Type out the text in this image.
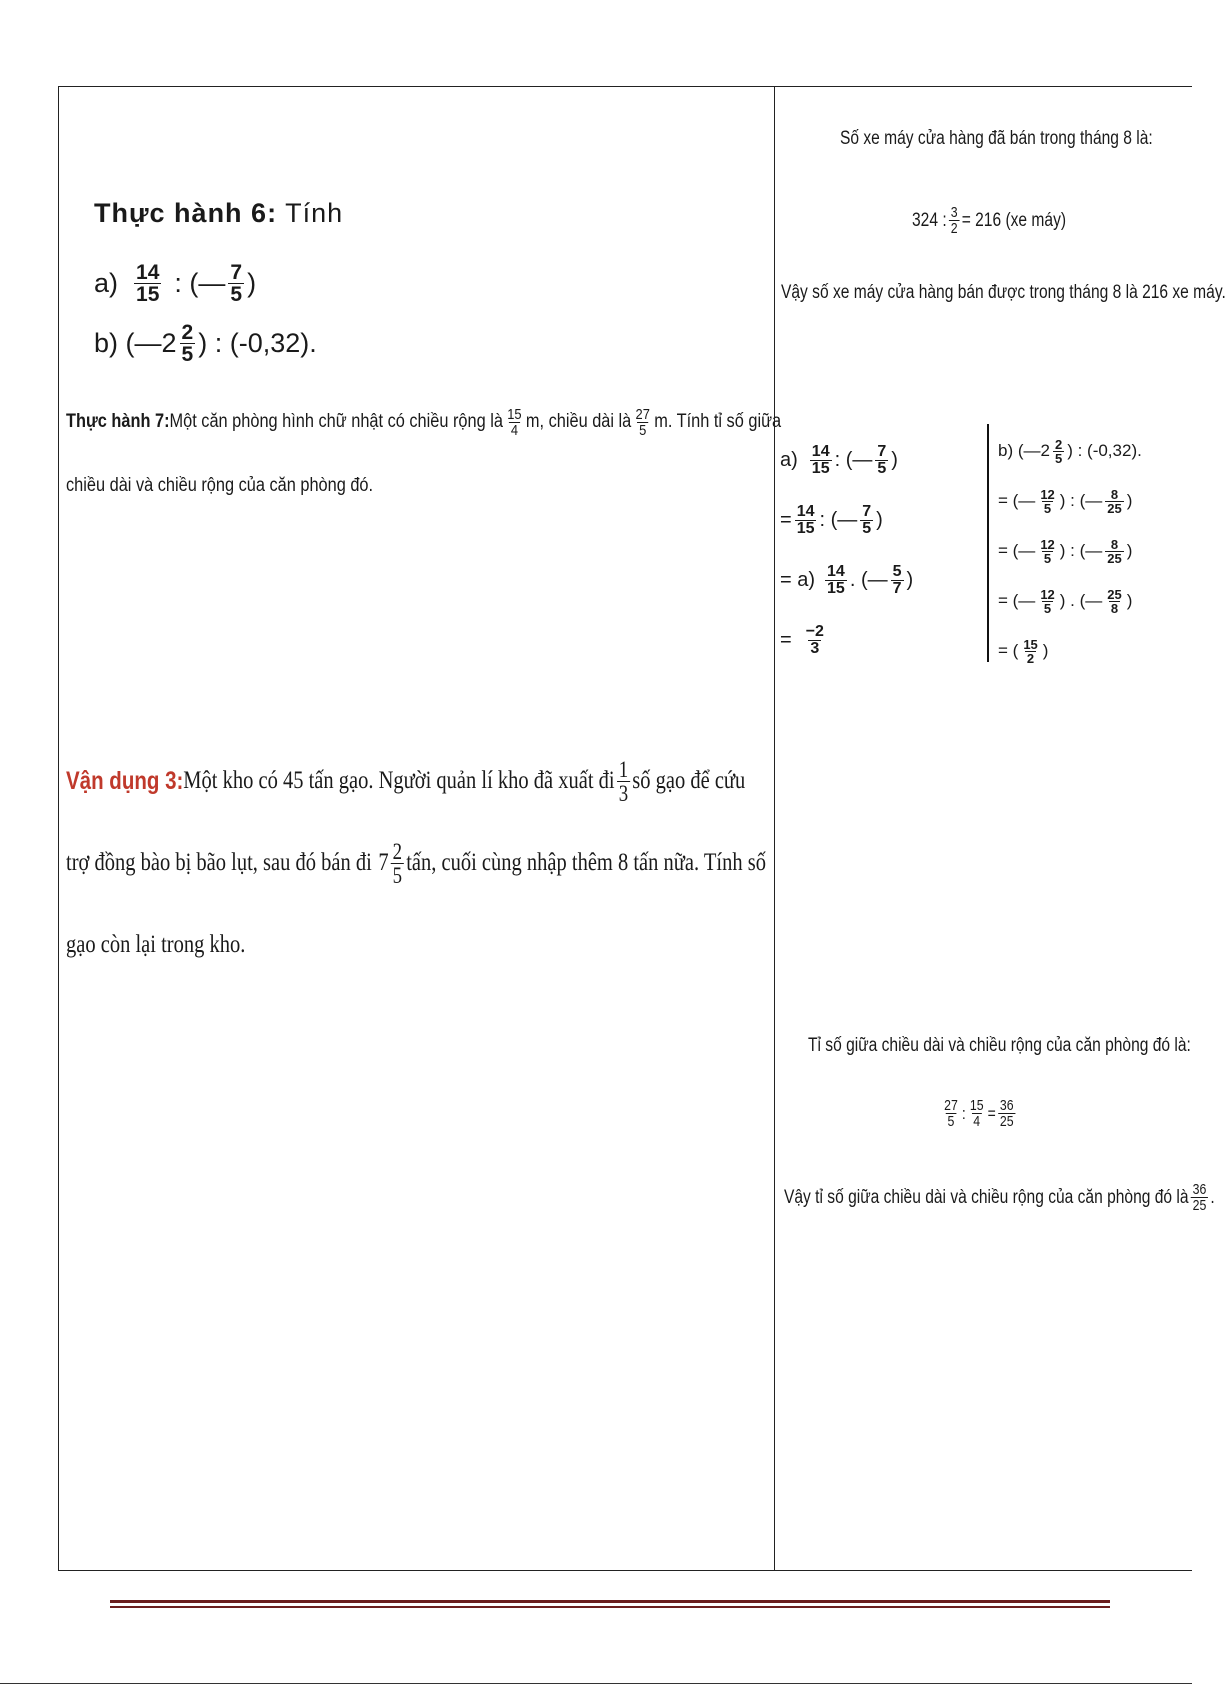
Thực hành 6: Tính
$a) \frac{14}{15}$ : (— $\frac{7}{5}$ )
b) (—2 $\frac{2}{5}$ ) : (-0,32).
Thực hành 7: Một căn phòng hình chữ nhật có chiều rộng là $\frac{15}{4} m$, chiều dài là $\frac{27}{5} m$. Tính tỉ số giữa
chiều dài và chiều rộng của căn phòng đó.
Vận dụng 3: Một kho có 45 tấn gạo. Người quản lí kho đã xuất đi $\frac{1}{3}$ số gạo để cứu
trợ đồng bào bị bão lụt, sau đó bán đi $7 \frac{2}{5}$ tấn, cuối cùng nhập thêm 8 tấn nữa. Tính số
gạo còn lại trong kho.
Số xe máy cửa hàng đã bán trong tháng 8 là:
324 : $\frac{3}{2} = 216$ (xe máy)
Vậy số xe máy cửa hàng bán được trong tháng 8 là 216 xe máy.
$a) \frac{14}{15}$ : (— $\frac{7}{5}$ )
= $\frac{14}{15}$ : (— $\frac{7}{5}$ )
= $a) \frac{14}{15}$ . (— $\frac{5}{7}$ )
= $\frac{-2}{3}$
b) (—2 $\frac{2}{5}$ ) : (-0,32).
= (— $\frac{12}{5}$ ) : (— $\frac{8}{25}$ )
= (— $\frac{12}{5}$ ) : (— $\frac{8}{25}$ )
= (— $\frac{12}{5}$ ) . (— $\frac{25}{8}$ )
= ( $\frac{15}{2}$ )
Tỉ số giữa chiều dài và chiều rộng của căn phòng đó là:
$\frac{27}{5}$ : $\frac{15}{4} = \frac{36}{25}$
Vậy tỉ số giữa chiều dài và chiều rộng của căn phòng đó là $\frac{36}{25}$ .
